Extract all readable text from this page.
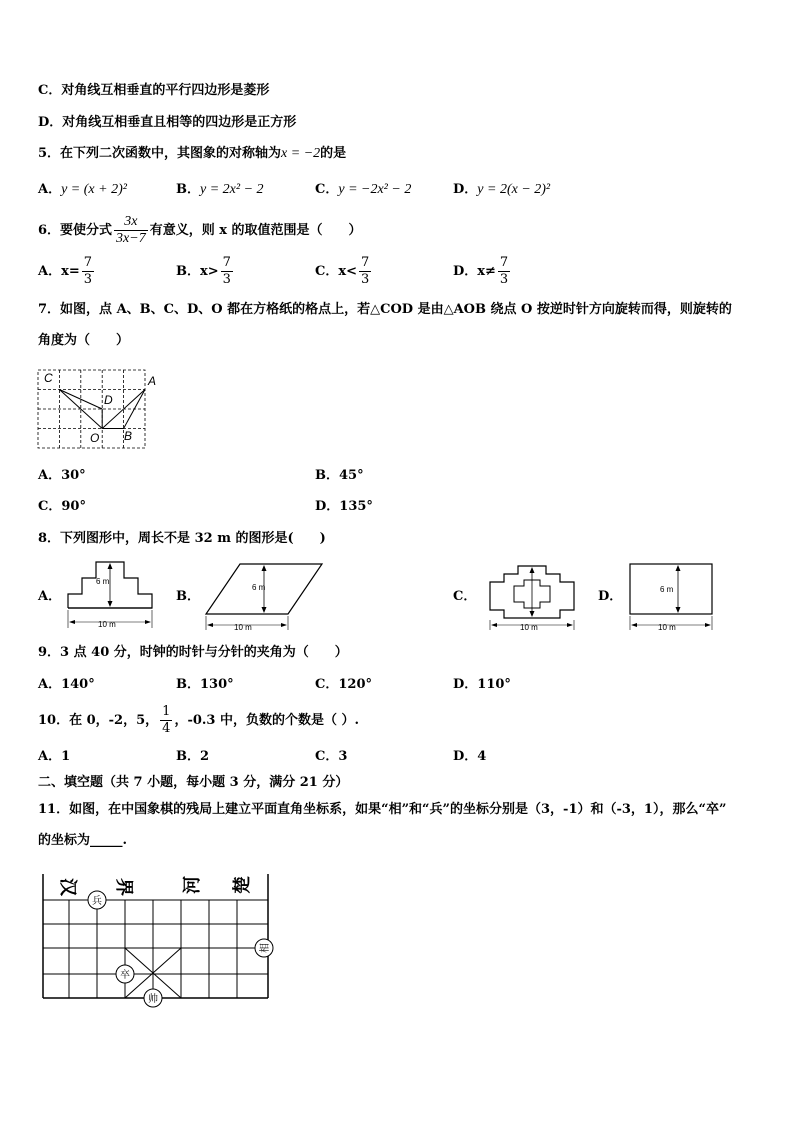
C．对角线互相垂直的平行四边形是菱形
D．对角线互相垂直且相等的四边形是正方形
5．在下列二次函数中，其图象的对称轴为x = −2的是
A．y = (x + 2)²	B．y = 2x² − 2	C．y = −2x² − 2	D．y = 2(x − 2)²
6．要使分式 $\frac{3x}{3x-7}$ 有意义，则 x 的取值范围是（　　）
A．$x= \frac{7}{3}$	B．$x> \frac{7}{3}$	C．$x< \frac{7}{3}$	D．$x\ne \frac{7}{3}$
7．如图，点 A、B、C、D、O 都在方格纸的格点上，若△COD 是由△AOB 绕点 O 按逆时针方向旋转而得，则旋转的
角度为（　　）
C	A
D
O B
A．30°	B．45°
C．90°	D．135°
8．下列图形中，周长不是 32 m 的图形是(　　)
A．	B．	C．	D．
6 m
10 m
6 m
10 m	10 m
6 m
10 m
9．3 点 40 分，时钟的时针与分针的夹角为（　　）
A．140°	B．130°	C．120°	D．110°
10．在 0，-2，5， $\frac{1}{4}$ ，-0.3 中，负数的个数是（ ）.
A．1	B．2	C．3	D．4
二、填空题（共 7 小题，每小题 3 分，满分 21 分）
11．如图，在中国象棋的残局上建立平面直角坐标系，如果“相”和“兵”的坐标分别是（3，-1）和（-3，1），那么“卒”
的坐标为_____.
汉 界	河 楚
兵
相
卒
帅
